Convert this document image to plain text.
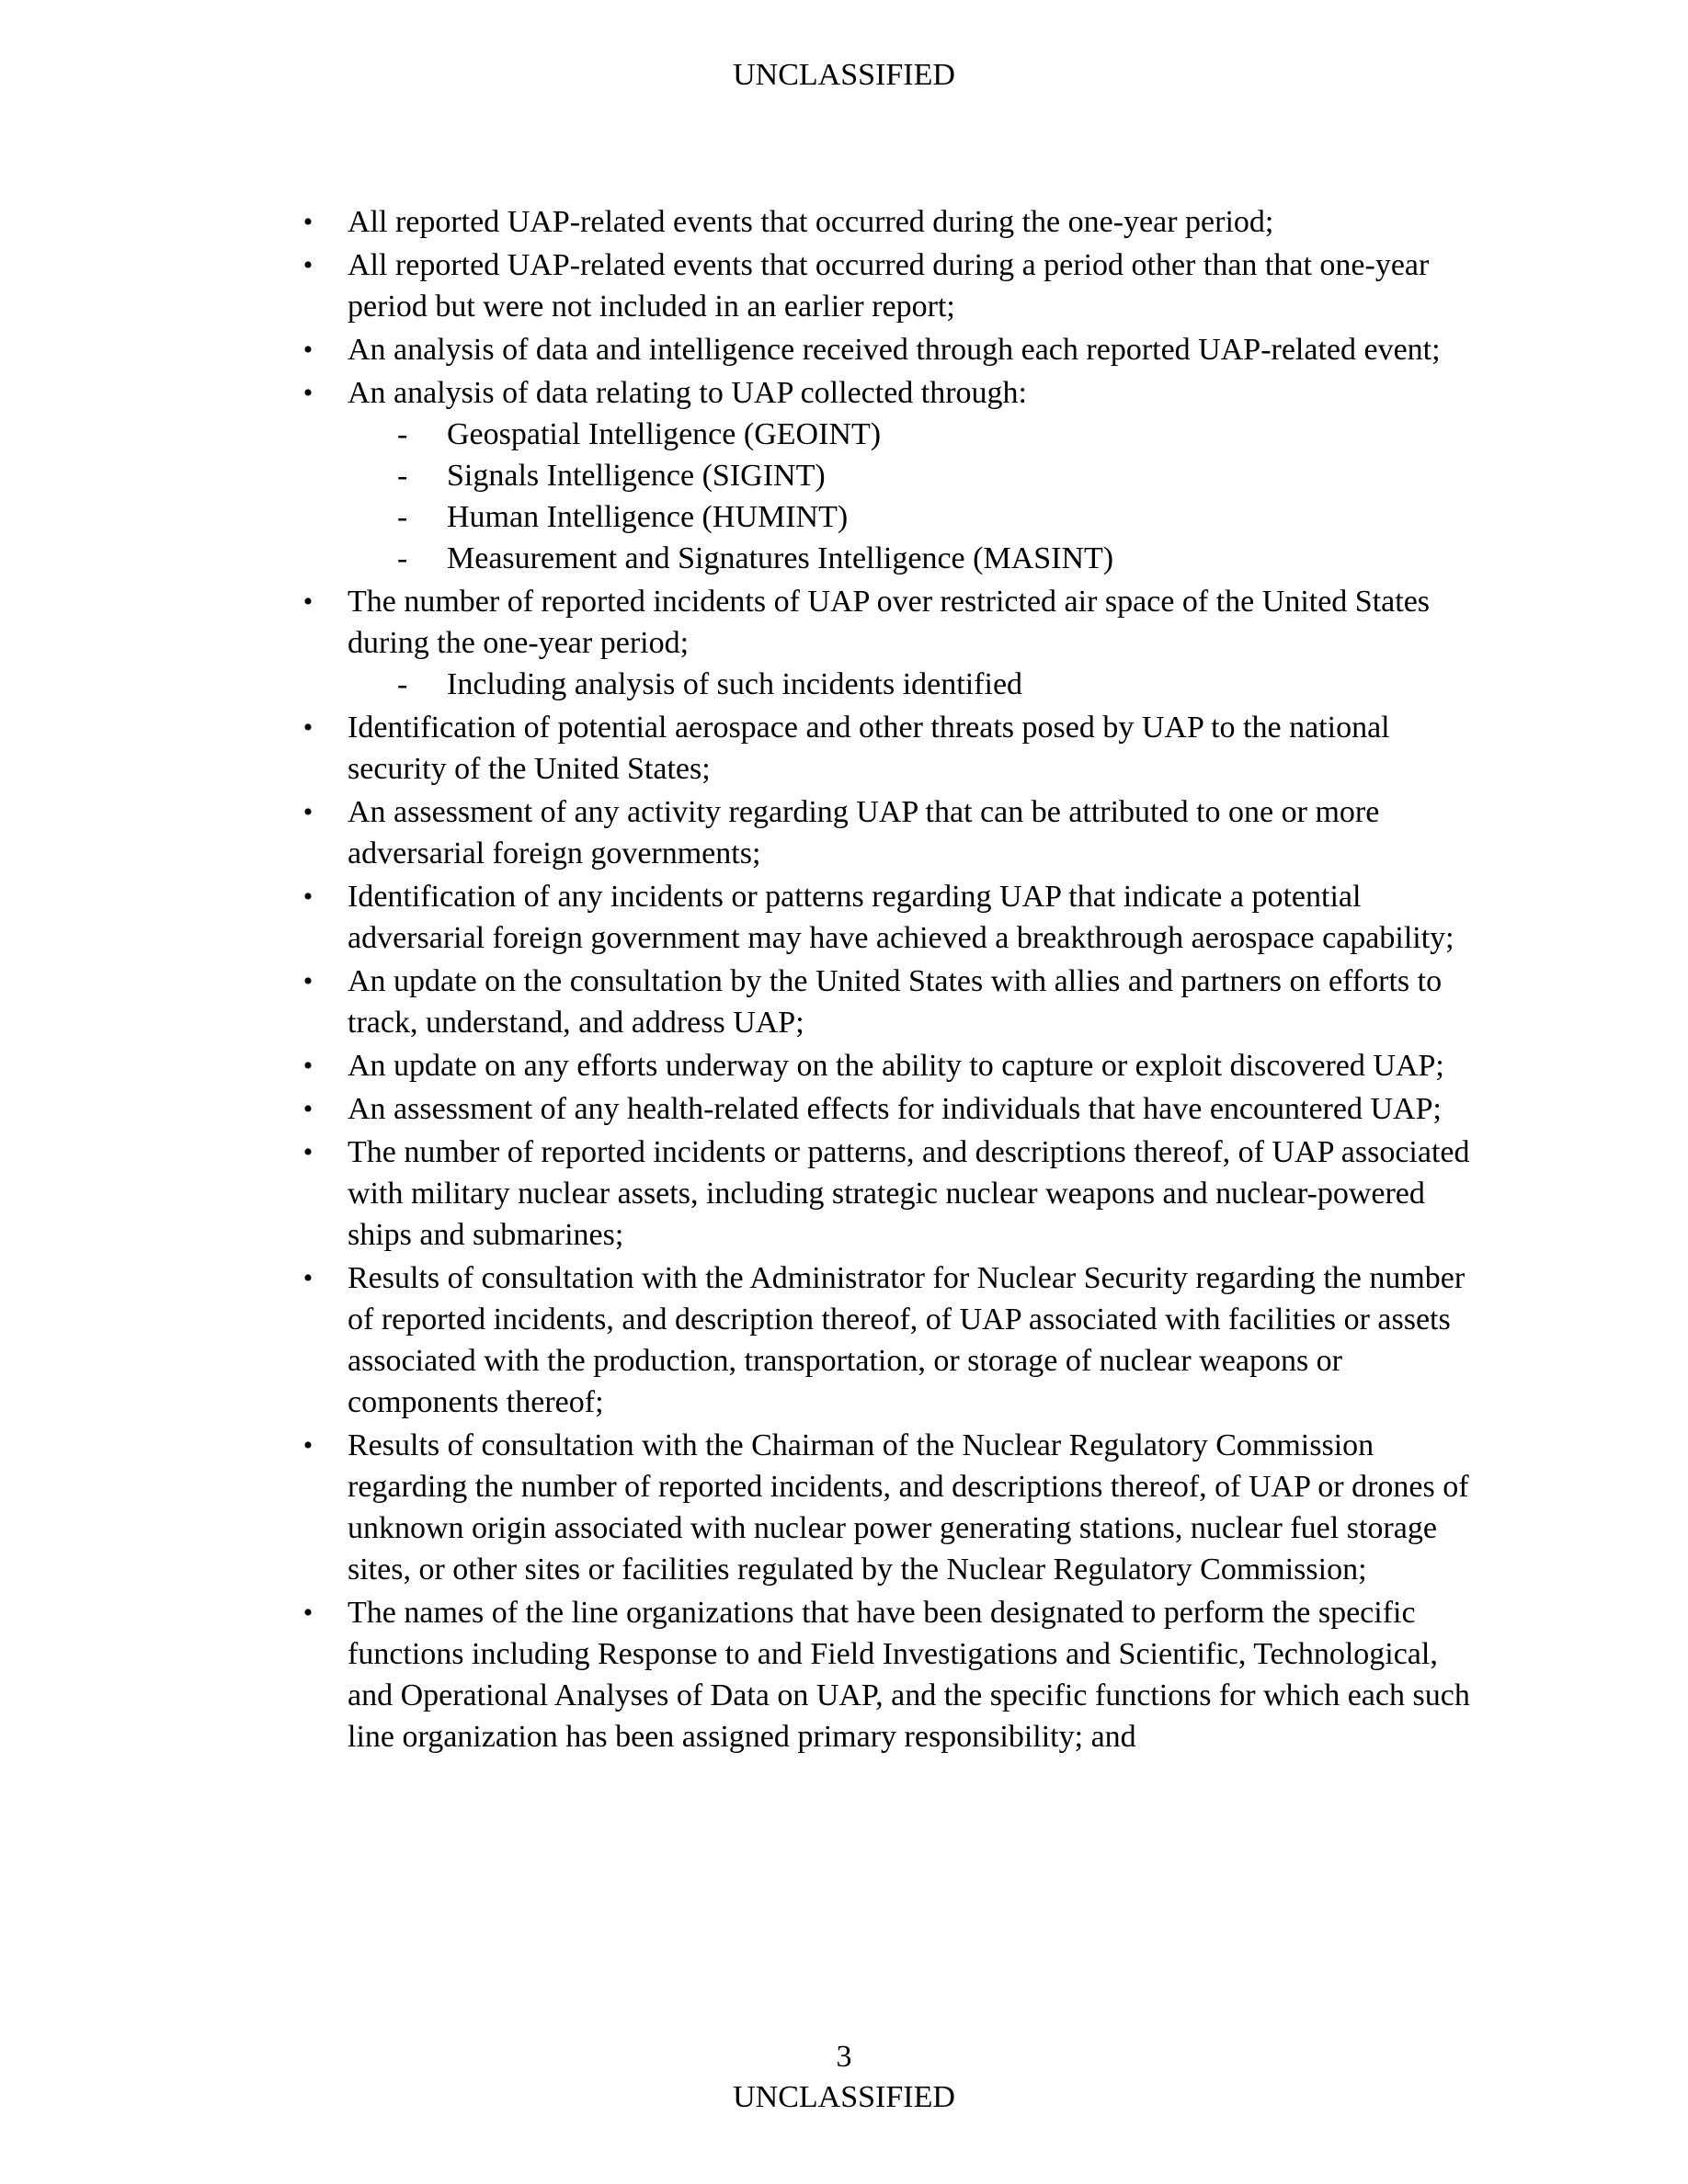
UNCLASSIFIED
• All reported UAP-related events that occurred during the one-year period;
• All reported UAP-related events that occurred during a period other than that one-year period but were not included in an earlier report;
• An analysis of data and intelligence received through each reported UAP-related event;
• An analysis of data relating to UAP collected through:
- Geospatial Intelligence (GEOINT)
- Signals Intelligence (SIGINT)
- Human Intelligence (HUMINT)
- Measurement and Signatures Intelligence (MASINT)
• The number of reported incidents of UAP over restricted air space of the United States during the one-year period;
- Including analysis of such incidents identified
• Identification of potential aerospace and other threats posed by UAP to the national security of the United States;
• An assessment of any activity regarding UAP that can be attributed to one or more adversarial foreign governments;
• Identification of any incidents or patterns regarding UAP that indicate a potential adversarial foreign government may have achieved a breakthrough aerospace capability;
• An update on the consultation by the United States with allies and partners on efforts to track, understand, and address UAP;
• An update on any efforts underway on the ability to capture or exploit discovered UAP;
• An assessment of any health-related effects for individuals that have encountered UAP;
• The number of reported incidents or patterns, and descriptions thereof, of UAP associated with military nuclear assets, including strategic nuclear weapons and nuclear-powered ships and submarines;
• Results of consultation with the Administrator for Nuclear Security regarding the number of reported incidents, and description thereof, of UAP associated with facilities or assets associated with the production, transportation, or storage of nuclear weapons or components thereof;
• Results of consultation with the Chairman of the Nuclear Regulatory Commission regarding the number of reported incidents, and descriptions thereof, of UAP or drones of unknown origin associated with nuclear power generating stations, nuclear fuel storage sites, or other sites or facilities regulated by the Nuclear Regulatory Commission;
• The names of the line organizations that have been designated to perform the specific functions including Response to and Field Investigations and Scientific, Technological, and Operational Analyses of Data on UAP, and the specific functions for which each such line organization has been assigned primary responsibility; and
3
UNCLASSIFIED
